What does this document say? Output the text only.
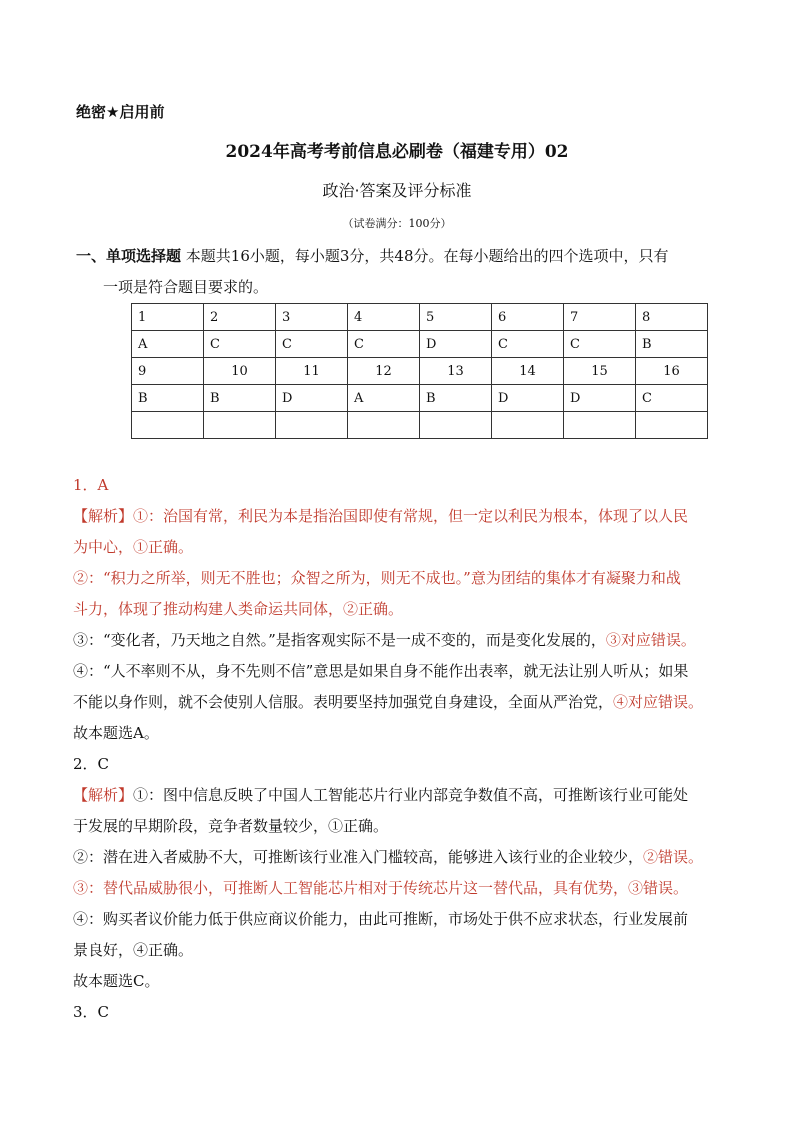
绝密★启用前
2024年高考考前信息必刷卷（福建专用）02
政治·答案及评分标准
（试卷满分：100分）
一、单项选择题 本题共16小题，每小题3分，共48分。在每小题给出的四个选项中，只有
一项是符合题目要求的。
1	2	3	4	5	6	7	8
A	C	C	C	D	C	C	B
9	10	11	12	13	14	15	16
B	B	D	A	B	D	D	C

1．A
【解析】①：治国有常，利民为本是指治国即使有常规，但一定以利民为根本，体现了以人民
为中心，①正确。
②：“积力之所举，则无不胜也；众智之所为，则无不成也。”意为团结的集体才有凝聚力和战
斗力，体现了推动构建人类命运共同体，②正确。
③：“变化者，乃天地之自然。”是指客观实际不是一成不变的，而是变化发展的，③对应错误。
④：“人不率则不从，身不先则不信”意思是如果自身不能作出表率，就无法让别人听从；如果
不能以身作则，就不会使别人信服。表明要坚持加强党自身建设，全面从严治党，④对应错误。
故本题选A。
2．C
【解析】①：图中信息反映了中国人工智能芯片行业内部竞争数值不高，可推断该行业可能处
于发展的早期阶段，竞争者数量较少，①正确。
②：潜在进入者威胁不大，可推断该行业准入门槛较高，能够进入该行业的企业较少，②错误。
③：替代品威胁很小，可推断人工智能芯片相对于传统芯片这一替代品，具有优势，③错误。
④：购买者议价能力低于供应商议价能力，由此可推断，市场处于供不应求状态，行业发展前
景良好，④正确。
故本题选C。
3．C
